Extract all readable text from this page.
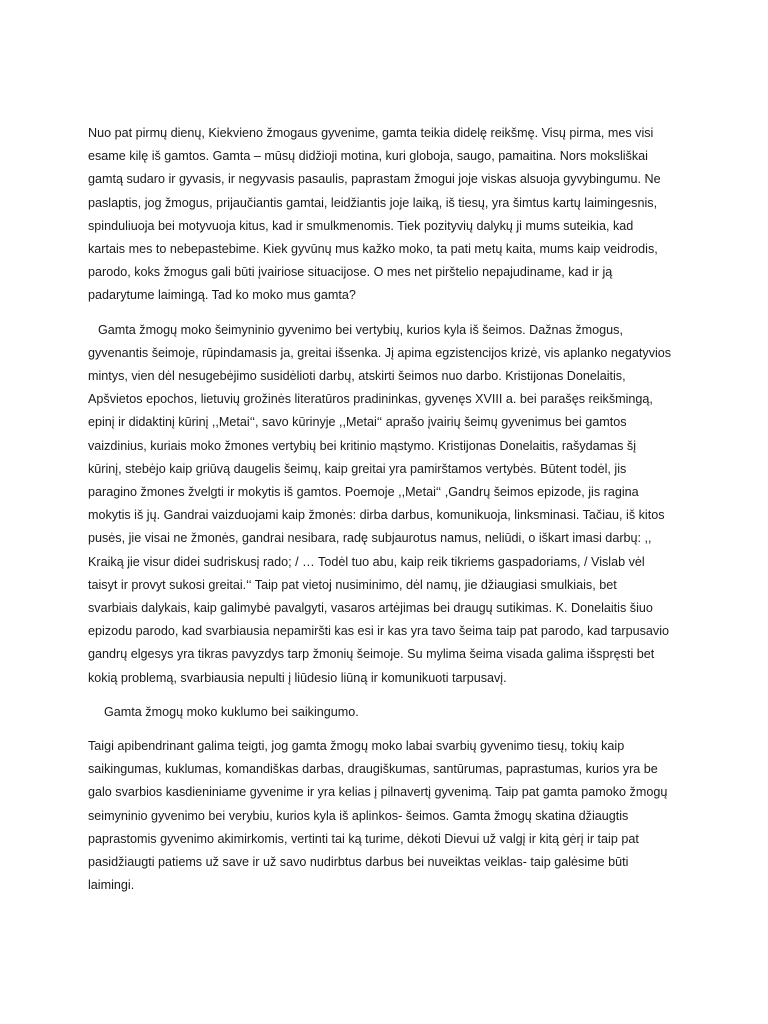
Nuo pat pirmų dienų, Kiekvieno žmogaus gyvenime, gamta teikia didelę reikšmę. Visų pirma, mes visi
esame kilę iš gamtos. Gamta – mūsų didžioji motina, kuri globoja, saugo, pamaitina. Nors moksliškai
gamtą sudaro ir gyvasis, ir negyvasis pasaulis, paprastam žmogui joje viskas alsuoja gyvybingumu. Ne
paslaptis, jog žmogus, prijaučiantis gamtai, leidžiantis joje laiką, iš tiesų, yra šimtus kartų laimingesnis,
spinduliuoja bei motyvuoja kitus, kad ir smulkmenomis. Tiek pozityvių dalykų ji mums suteikia, kad
kartais mes to nebepastebime. Kiek gyvūnų mus kažko moko, ta pati metų kaita, mums kaip veidrodis,
parodo, koks žmogus gali būti įvairiose situacijose. O mes net pirštelio nepajudiname, kad ir ją
padarytume laimingą. Tad ko moko mus gamta?

Gamta žmogų moko šeimyninio gyvenimo bei vertybių, kurios kyla iš šeimos. Dažnas žmogus,
gyvenantis šeimoje, rūpindamasis ja, greitai išsenka. Jį apima egzistencijos krizė, vis aplanko negatyvios
mintys, vien dėl nesugebėjimo susidėlioti darbų, atskirti šeimos nuo darbo. Kristijonas Donelaitis,
Apšvietos epochos, lietuvių grožinės literatūros pradininkas, gyvenęs XVIII a. bei parašęs reikšmingą,
epinį ir didaktinį kūrinį ,,Metai‘‘, savo kūrinyje ,,Metai‘‘ aprašo įvairių šeimų gyvenimus bei gamtos
vaizdinius, kuriais moko žmones vertybių bei kritinio mąstymo. Kristijonas Donelaitis, rašydamas šį
kūrinį, stebėjo kaip griūvą daugelis šeimų, kaip greitai yra pamirštamos vertybės. Būtent todėl, jis
paragino žmones žvelgti ir mokytis iš gamtos. Poemoje ,,Metai‘‘ ,Gandrų šeimos epizode, jis ragina
mokytis iš jų. Gandrai vaizduojami kaip žmonės: dirba darbus, komunikuoja, linksminasi. Tačiau, iš kitos
pusės, jie visai ne žmonės, gandrai nesibara, radę subjaurotus namus, neliūdi, o iškart imasi darbų: ,,
Kraiką jie visur didei sudriskusį rado; / … Todėl tuo abu, kaip reik tikriems gaspadoriams, / Vislab vėl
taisyt ir provyt sukosi greitai.‘‘ Taip pat vietoj nusiminimo, dėl namų, jie džiaugiasi smulkiais, bet
svarbiais dalykais, kaip galimybė pavalgyti, vasaros artėjimas bei draugų sutikimas. K. Donelaitis šiuo
epizodu parodo, kad svarbiausia nepamiršti kas esi ir kas yra tavo šeima taip pat parodo, kad tarpusavio
gandrų elgesys yra tikras pavyzdys tarp žmonių šeimoje. Su mylima šeima visada galima išspręsti bet
kokią problemą, svarbiausia nepulti į liūdesio liūną ir komunikuoti tarpusavį.

Gamta žmogų moko kuklumo bei saikingumo.

Taigi apibendrinant galima teigti, jog gamta žmogų moko labai svarbių gyvenimo tiesų, tokių kaip
saikingumas, kuklumas, komandiškas darbas, draugiškumas, santūrumas, paprastumas, kurios yra be
galo svarbios kasdieniniame gyvenime ir yra kelias į pilnavertį gyvenimą. Taip pat gamta pamoko žmogų
seimyninio gyvenimo bei verybiu, kurios kyla iš aplinkos- šeimos. Gamta žmogų skatina džiaugtis
paprastomis gyvenimo akimirkomis, vertinti tai ką turime, dėkoti Dievui už valgį ir kitą gėrį ir taip pat
pasidžiaugti patiems už save ir už savo nudirbtus darbus bei nuveiktas veiklas- taip galėsime būti
laimingi.
